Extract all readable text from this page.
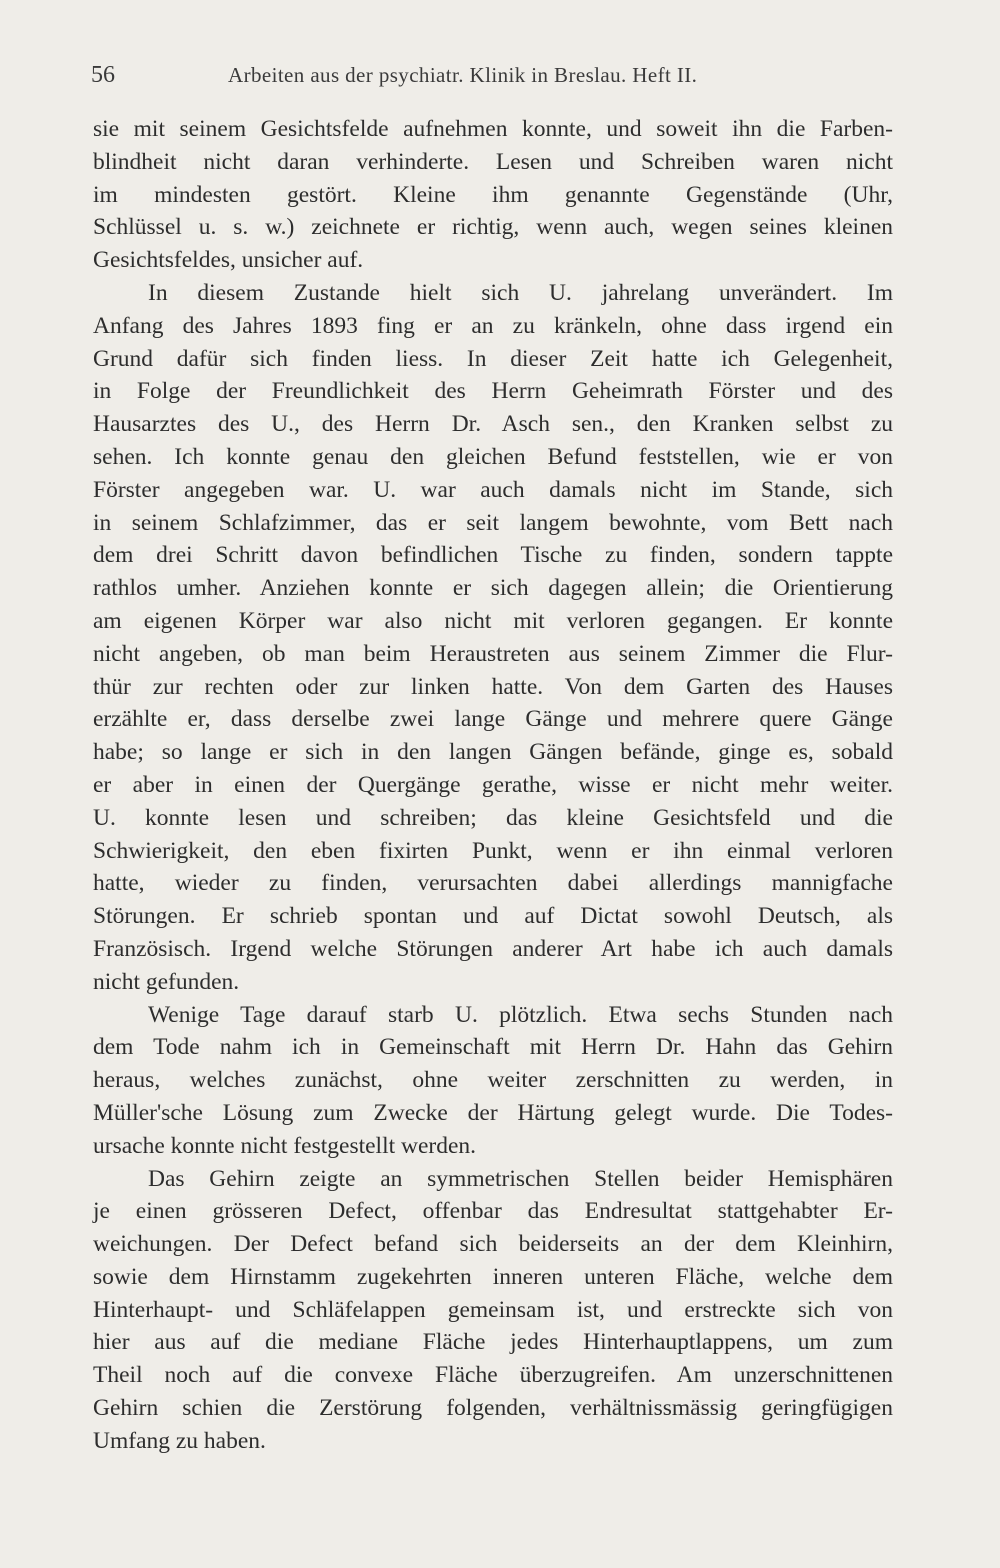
56	Arbeiten aus der psychiatr. Klinik in Breslau. Heft II.
sie mit seinem Gesichtsfelde aufnehmen konnte, und soweit ihn die Farben-
blindheit nicht daran verhinderte. Lesen und Schreiben waren nicht
im mindesten gestört. Kleine ihm genannte Gegenstände (Uhr,
Schlüssel u. s. w.) zeichnete er richtig, wenn auch, wegen seines kleinen
Gesichtsfeldes, unsicher auf.
In diesem Zustande hielt sich U. jahrelang unverändert. Im
Anfang des Jahres 1893 fing er an zu kränkeln, ohne dass irgend ein
Grund dafür sich finden liess. In dieser Zeit hatte ich Gelegenheit,
in Folge der Freundlichkeit des Herrn Geheimrath Förster und des
Hausarztes des U., des Herrn Dr. Asch sen., den Kranken selbst zu
sehen. Ich konnte genau den gleichen Befund feststellen, wie er von
Förster angegeben war. U. war auch damals nicht im Stande, sich
in seinem Schlafzimmer, das er seit langem bewohnte, vom Bett nach
dem drei Schritt davon befindlichen Tische zu finden, sondern tappte
rathlos umher. Anziehen konnte er sich dagegen allein; die Orientierung
am eigenen Körper war also nicht mit verloren gegangen. Er konnte
nicht angeben, ob man beim Heraustreten aus seinem Zimmer die Flur-
thür zur rechten oder zur linken hatte. Von dem Garten des Hauses
erzählte er, dass derselbe zwei lange Gänge und mehrere quere Gänge
habe; so lange er sich in den langen Gängen befände, ginge es, sobald
er aber in einen der Quergänge gerathe, wisse er nicht mehr weiter.
U. konnte lesen und schreiben; das kleine Gesichtsfeld und die
Schwierigkeit, den eben fixirten Punkt, wenn er ihn einmal verloren
hatte, wieder zu finden, verursachten dabei allerdings mannigfache
Störungen. Er schrieb spontan und auf Dictat sowohl Deutsch, als
Französisch. Irgend welche Störungen anderer Art habe ich auch damals
nicht gefunden.
Wenige Tage darauf starb U. plötzlich. Etwa sechs Stunden nach
dem Tode nahm ich in Gemeinschaft mit Herrn Dr. Hahn das Gehirn
heraus, welches zunächst, ohne weiter zerschnitten zu werden, in
Müller'sche Lösung zum Zwecke der Härtung gelegt wurde. Die Todes-
ursache konnte nicht festgestellt werden.
Das Gehirn zeigte an symmetrischen Stellen beider Hemisphären
je einen grösseren Defect, offenbar das Endresultat stattgehabter Er-
weichungen. Der Defect befand sich beiderseits an der dem Kleinhirn,
sowie dem Hirnstamm zugekehrten inneren unteren Fläche, welche dem
Hinterhaupt- und Schläfelappen gemeinsam ist, und erstreckte sich von
hier aus auf die mediane Fläche jedes Hinterhauptlappens, um zum
Theil noch auf die convexe Fläche überzugreifen. Am unzerschnittenen
Gehirn schien die Zerstörung folgenden, verhältnissmässig geringfügigen
Umfang zu haben.
